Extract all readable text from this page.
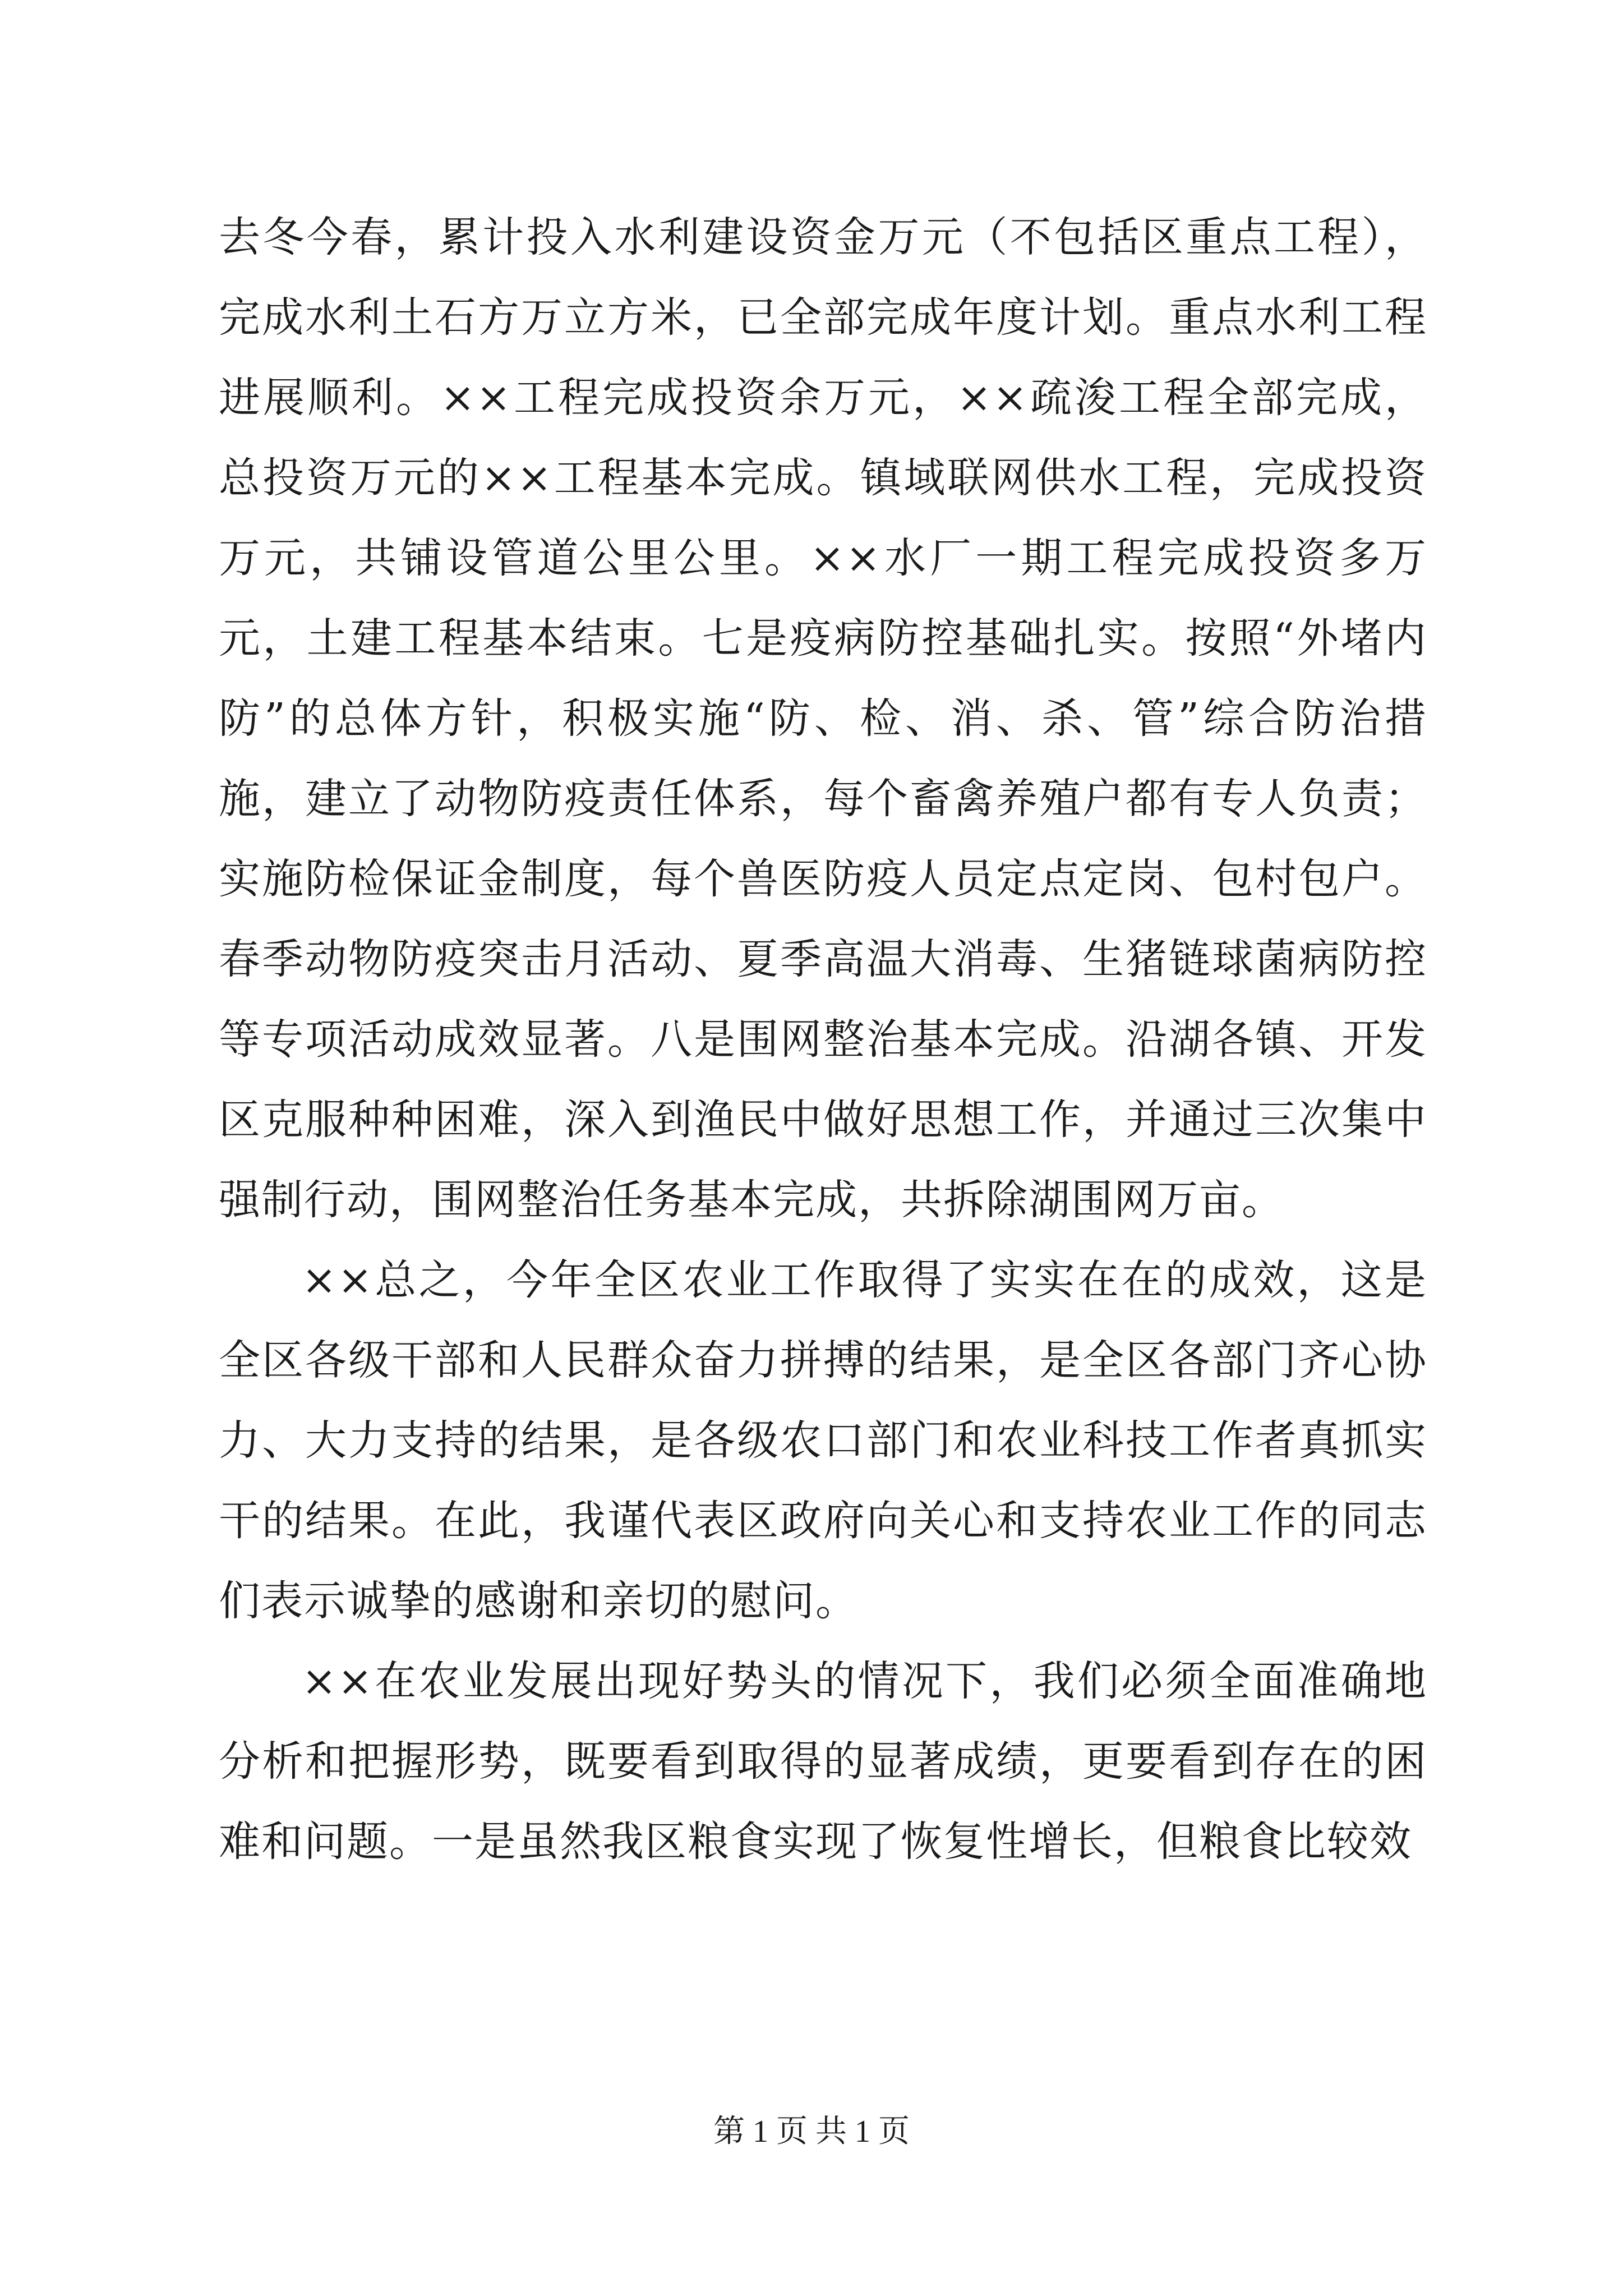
去冬今春，累计投入水利建设资金万元（不包括区重点工程），完成水利土石方万立方米，已全部完成年度计划。重点水利工程进展顺利。××工程完成投资余万元，××疏浚工程全部完成，总投资万元的××工程基本完成。镇域联网供水工程，完成投资万元，共铺设管道公里公里。××水厂一期工程完成投资多万元，土建工程基本结束。七是疫病防控基础扎实。按照“外堵内防”的总体方针，积极实施“防、检、消、杀、管”综合防治措施，建立了动物防疫责任体系，每个畜禽养殖户都有专人负责；实施防检保证金制度，每个兽医防疫人员定点定岗、包村包户。春季动物防疫突击月活动、夏季高温大消毒、生猪链球菌病防控等专项活动成效显著。八是围网整治基本完成。沿湖各镇、开发区克服种种困难，深入到渔民中做好思想工作，并通过三次集中强制行动，围网整治任务基本完成，共拆除湖围网万亩。

××总之，今年全区农业工作取得了实实在在的成效，这是全区各级干部和人民群众奋力拼搏的结果，是全区各部门齐心协力、大力支持的结果，是各级农口部门和农业科技工作者真抓实干的结果。在此，我谨代表区政府向关心和支持农业工作的同志们表示诚挚的感谢和亲切的慰问。

××在农业发展出现好势头的情况下，我们必须全面准确地分析和把握形势，既要看到取得的显著成绩，更要看到存在的困难和问题。一是虽然我区粮食实现了恢复性增长，但粮食比较效

第 1 页 共 1 页
